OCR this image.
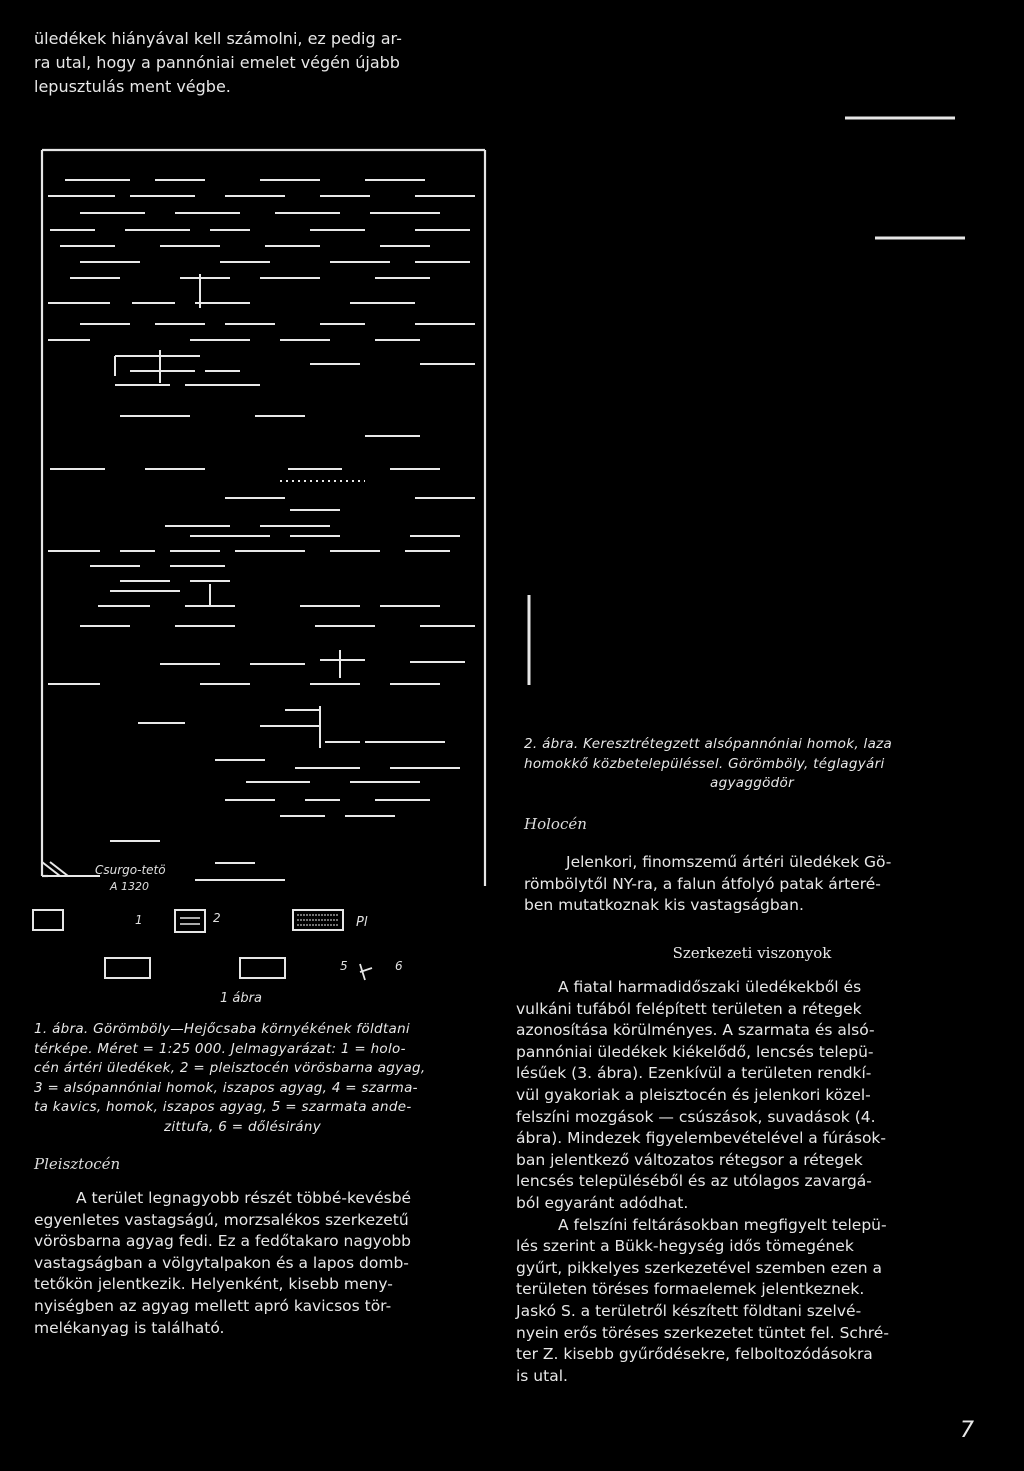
üledékek hiányával kell számolni, ez pedig ar-
ra utal, hogy a pannóniai emelet végén újabb
lepusztulás ment végbe.
Csurgo-tetö
A 1320
1	2	Pl
5	6
1 ábra
1. ábra. Görömböly—Hejőcsaba környékének földtani
térképe. Méret = 1:25 000. Jelmagyarázat: 1 = holo-
cén ártéri üledékek, 2 = pleisztocén vörösbarna agyag,
3 = alsópannóniai homok, iszapos agyag, 4 = szarma-
ta kavics, homok, iszapos agyag, 5 = szarmata ande-
zittufa, 6 = dőlésirány
Pleisztocén
A terület legnagyobb részét többé-kevésbé
egyenletes vastagságú, morzsalékos szerkezetű
vörösbarna agyag fedi. Ez a fedőtakaro nagyobb
vastagságban a völgytalpakon és a lapos domb-
tetőkön jelentkezik. Helyenként, kisebb meny-
nyiségben az agyag mellett apró kavicsos tör-
melékanyag is található.
2. ábra. Keresztrétegzett alsópannóniai homok, laza
homokkő közbetelepüléssel. Görömböly, téglagyári
agyaggödör
Holocén
Jelenkori, finomszemű ártéri üledékek Gö-
römbölytől NY-ra, a falun átfolyó patak árteré-
ben mutatkoznak kis vastagságban.
Szerkezeti viszonyok
A fiatal harmadidőszaki üledékekből és
vulkáni tufából felépített területen a rétegek
azonosítása körülményes. A szarmata és alsó-
pannóniai üledékek kiékelődő, lencsés telepü-
lésűek (3. ábra). Ezenkívül a területen rendkí-
vül gyakoriak a pleisztocén és jelenkori közel-
felszíni mozgások — csúszások, suvadások (4.
ábra). Mindezek figyelembevételével a fúrások-
ban jelentkező változatos rétegsor a rétegek
lencsés településéből és az utólagos zavargá-
ból egyaránt adódhat.
A felszíni feltárásokban megfigyelt telepü-
lés szerint a Bükk-hegység idős tömegének
gyűrt, pikkelyes szerkezetével szemben ezen a
területen töréses formaelemek jelentkeznek.
Jaskó S. a területről készített földtani szelvé-
nyein erős töréses szerkezetet tüntet fel. Schré-
ter Z. kisebb gyűrődésekre, felboltozódásokra
is utal.
7
